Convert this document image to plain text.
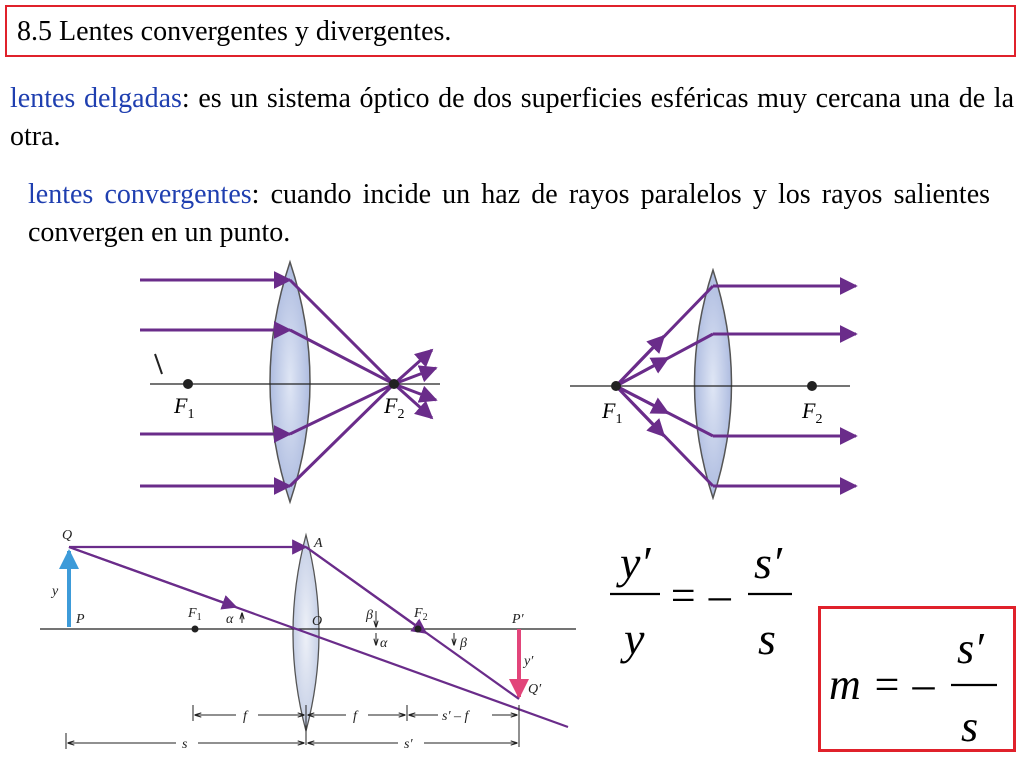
8.5 Lentes convergentes y divergentes.
lentes delgadas: es un sistema óptico de dos superficies esféricas muy cercana una de la otra.
lentes convergentes: cuando incide un haz de rayos paralelos y los rayos salientes convergen en un punto.
$F_1$	$F_2$	$F_1$	$F_2$
Q
A
y
P	$F_1$ α	O	β	$F_2$	P′
α	β
y′
Q′
f	f	s′ – f
s	s′
y′
y
= –
s′
s
m = –
s′
s
